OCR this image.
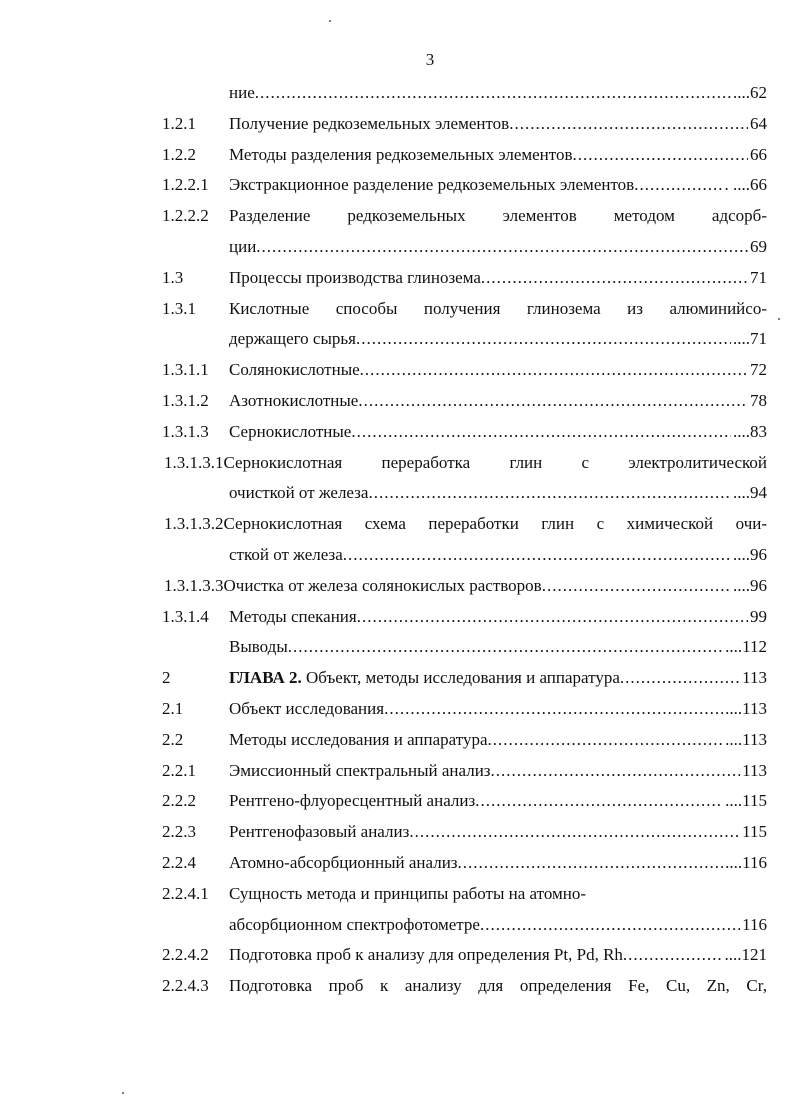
3
ние .....	....62
1.2.1 Получение редкоземельных элементов .....	64
1.2.2 Методы разделения редкоземельных элементов .....	66
1.2.2.1 Экстракционное разделение редкоземельных элементов .....	. ....66
1.2.2.2 Разделение редкоземельных элементов методом адсорб-
ции .....	69
1.3	Процессы производства глинозема .....	71
1.3.1 Кислотные способы получения глинозема из алюминийсо-
держащего сырья .....	....71
1.3.1.1 Солянокислотные .....	72
1.3.1.2 Азотнокислотные .....	78
1.3.1.3 Сернокислотные .....	....83
1.3.1.3.1Сернокислотная переработка глин с электролитической
очисткой от железа .....	....94
1.3.1.3.2Сернокислотная схема переработки глин с химической очи-
сткой от железа .....	....96
1.3.1.3.3Очистка от железа солянокислых растворов .....	....96
1.3.1.4 Методы спекания .....	99
Выводы .....	....112
2	ГЛАВА 2. Объект, методы исследования и аппаратура .....	113
2.1	Объект исследования .....	....113
2.2	Методы исследования и аппаратура .....	....113
2.2.1 Эмиссионный спектральный анализ .....	113
2.2.2 Рентгено-флуоресцентный анализ .....	....115
2.2.3 Рентгенофазовый анализ .....	115
2.2.4 Атомно-абсорбционный анализ .....	....116
2.2.4.1 Сущность метода и принципы работы на атомно-
абсорбционном спектрофотометре .....	116
2.2.4.2 Подготовка проб к анализу для определения Pt, Pd, Rh .....	....121
2.2.4.3 Подготовка проб к анализу для определения Fe, Cu, Zn, Cr,
